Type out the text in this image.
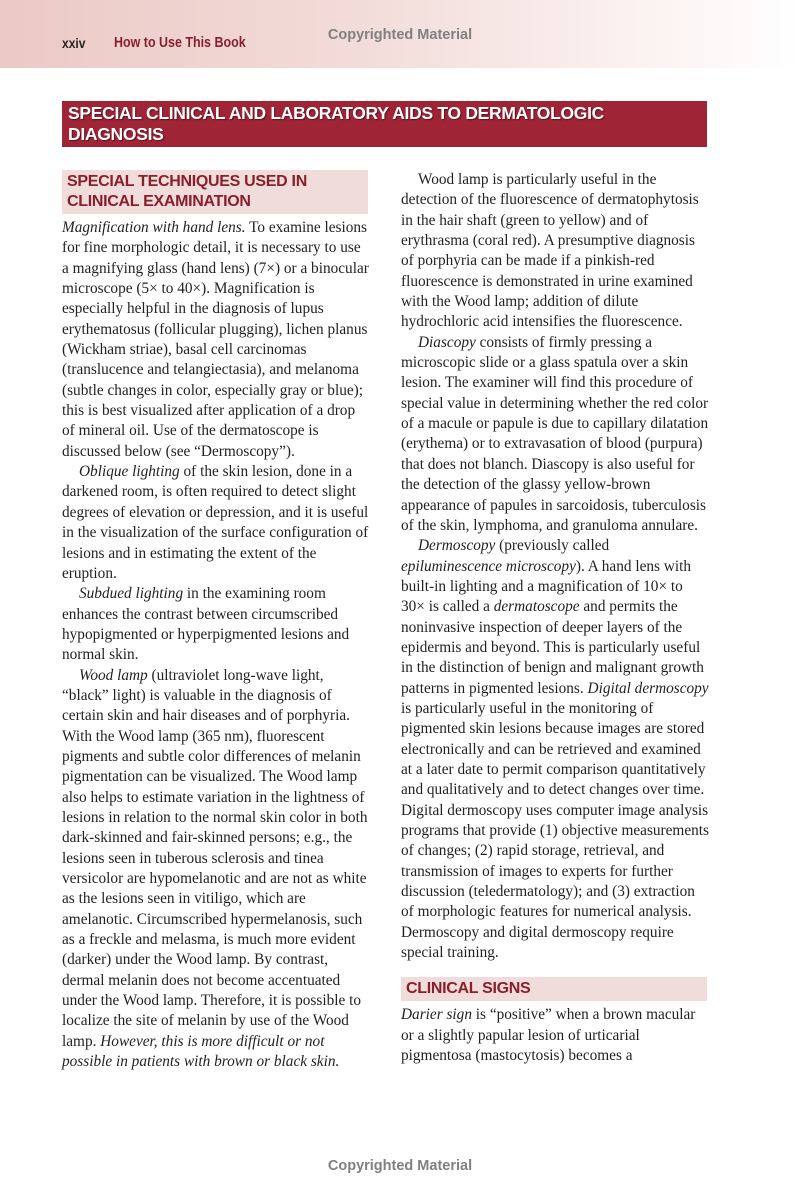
xxiv How to Use This Book	Copyrighted Material
SPECIAL CLINICAL AND LABORATORY AIDS TO DERMATOLOGIC DIAGNOSIS
SPECIAL TECHNIQUES USED IN CLINICAL EXAMINATION

Magnification with hand lens. To examine lesions for fine morphologic detail, it is necessary to use a magnifying glass (hand lens) (7×) or a binocular microscope (5× to 40×). Magnification is especially helpful in the diagnosis of lupus erythematosus (follicular plugging), lichen planus (Wickham striae), basal cell carcinomas (translucence and telangiectasia), and melanoma (subtle changes in color, especially gray or blue); this is best visualized after application of a drop of mineral oil. Use of the dermatoscope is discussed below (see “Dermoscopy”).

Oblique lighting of the skin lesion, done in a darkened room, is often required to detect slight degrees of elevation or depression, and it is useful in the visualization of the surface configuration of lesions and in estimating the extent of the eruption.

Subdued lighting in the examining room enhances the contrast between circumscribed hypopigmented or hyperpigmented lesions and normal skin.

Wood lamp (ultraviolet long-wave light, “black” light) is valuable in the diagnosis of certain skin and hair diseases and of porphyria. With the Wood lamp (365 nm), fluorescent pigments and subtle color differences of melanin pigmentation can be visualized. The Wood lamp also helps to estimate variation in the lightness of lesions in relation to the normal skin color in both dark-skinned and fair-skinned persons; e.g., the lesions seen in tuberous sclerosis and tinea versicolor are hypomelanotic and are not as white as the lesions seen in vitiligo, which are amelanotic. Circumscribed hypermelanosis, such as a freckle and melasma, is much more evident (darker) under the Wood lamp. By contrast, dermal melanin does not become accentuated under the Wood lamp. Therefore, it is possible to localize the site of melanin by use of the Wood lamp. However, this is more difficult or not possible in patients with brown or black skin.

Wood lamp is particularly useful in the detection of the fluorescence of dermatophytosis in the hair shaft (green to yellow) and of erythrasma (coral red). A presumptive diagnosis of porphyria can be made if a pinkish-red fluorescence is demonstrated in urine examined with the Wood lamp; addition of dilute hydrochloric acid intensifies the fluorescence.

Diascopy consists of firmly pressing a microscopic slide or a glass spatula over a skin lesion. The examiner will find this procedure of special value in determining whether the red color of a macule or papule is due to capillary dilatation (erythema) or to extravasation of blood (purpura) that does not blanch. Diascopy is also useful for the detection of the glassy yellow-brown appearance of papules in sarcoidosis, tuberculosis of the skin, lymphoma, and granuloma annulare.

Dermoscopy (previously called epiluminescence microscopy). A hand lens with built-in lighting and a magnification of 10× to 30× is called a dermatoscope and permits the noninvasive inspection of deeper layers of the epidermis and beyond. This is particularly useful in the distinction of benign and malignant growth patterns in pigmented lesions. Digital dermoscopy is particularly useful in the monitoring of pigmented skin lesions because images are stored electronically and can be retrieved and examined at a later date to permit comparison quantitatively and qualitatively and to detect changes over time. Digital dermoscopy uses computer image analysis programs that provide (1) objective measurements of changes; (2) rapid storage, retrieval, and transmission of images to experts for further discussion (teledermatology); and (3) extraction of morphologic features for numerical analysis. Dermoscopy and digital dermoscopy require special training.

CLINICAL SIGNS

Darier sign is “positive” when a brown macular or a slightly papular lesion of urticarial pigmentosa (mastocytosis) becomes a

Copyrighted Material
